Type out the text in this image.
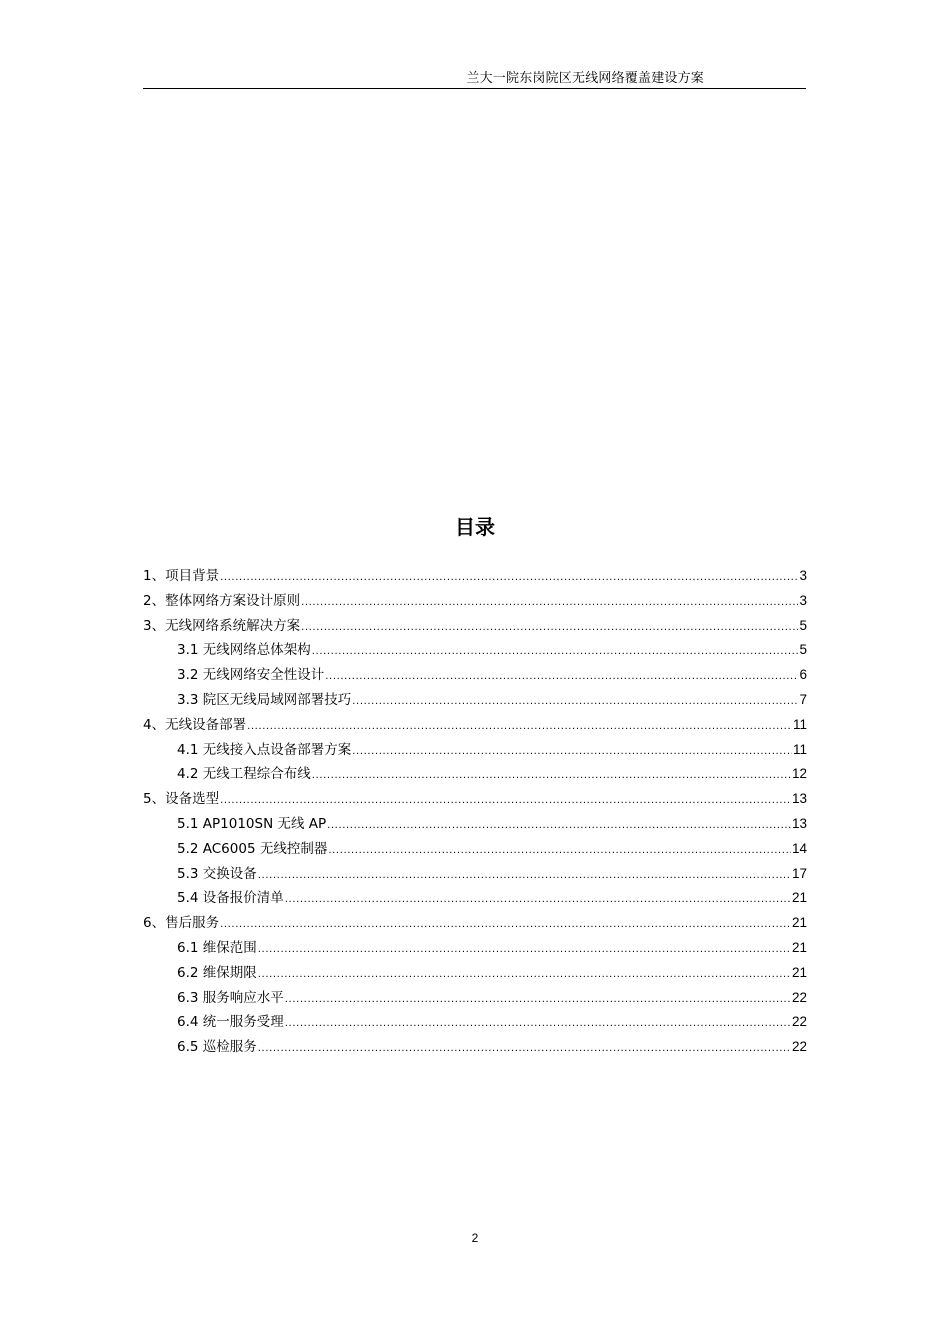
兰大一院东岗院区无线网络覆盖建设方案
目录
1、项目背景 .....	3
2、整体网络方案设计原则 .....	3
3、无线网络系统解决方案 .....	5
3.1 无线网络总体架构 .....	5
3.2 无线网络安全性设计 .....	6
3.3 院区无线局域网部署技巧 .....	7
4、无线设备部署 .....	11
4.1 无线接入点设备部署方案 .....	11
4.2 无线工程综合布线 .....	12
5、设备选型 .....	13
5.1 AP1010SN 无线 AP .....	13
5.2 AC6005 无线控制器 .....	14
5.3 交换设备 .....	17
5.4 设备报价清单 .....	21
6、售后服务 .....	21
6.1 维保范围 .....	21
6.2 维保期限 .....	21
6.3 服务响应水平 .....	22
6.4 统一服务受理 .....	22
6.5 巡检服务 .....	22
2
